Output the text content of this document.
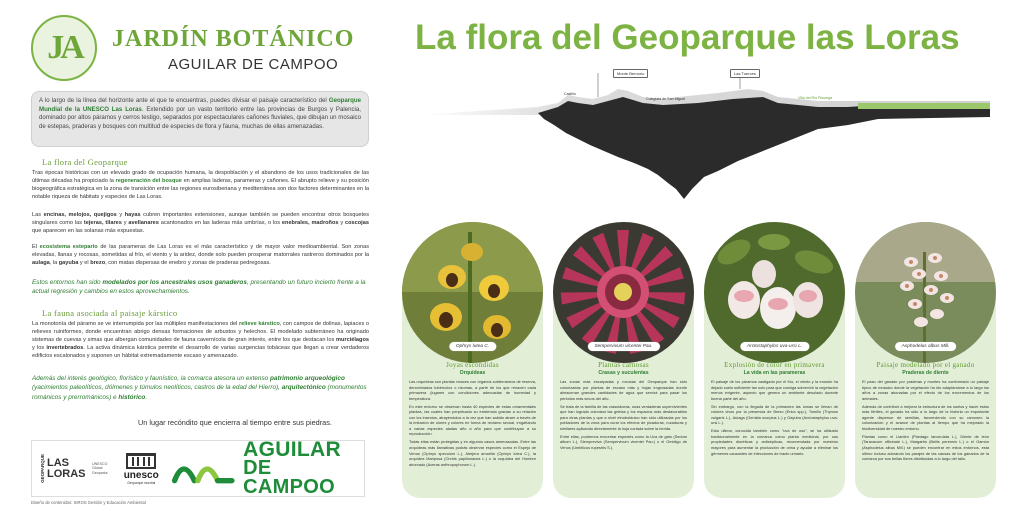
JA JARDÍN BOTÁNICO
AGUILAR DE CAMPOO
La flora del Geoparque las Loras
A lo largo de la línea del horizonte ante el que te encuentras, puedes divisar el paisaje característico del Geoparque Mundial de la UNESCO Las Loras. Extendido por un vasto territorio entre las provincias de Burgos y Palencia, dominado por altos páramos y cerros testigo, separados por espectaculares cañones fluviales, que dibujan un mosaico de estepas, praderas y bosques con multitud de especies de flora y fauna, muchas de ellas amenazadas.
La flora del Geoparque
Tras épocas históricas con un elevado grado de ocupación humana, la despoblación y el abandono de los usos tradicionales de las últimas décadas ha propiciado la regeneración del bosque en amplias laderas, parameras y cañones. El abrupto relieve y su posición biogeográfica estratégica en la zona de transición entre las regiones eurosiberiana y mediterránea son dos factores determinantes en la notable riqueza de hábitats y especies de Las Loras.
Las encinas, melojos, quejigos y hayas cubren importantes extensiones, aunque también se pueden encontrar otros bosquetes singulares como las tejeras, tilares y avellanares acantonados en las laderas más umbrías, o los enebrales, madroños y coscojas que aparecen en las solanas más expuestas.
El ecosistema estepario de las parameras de Las Loras es el más característico y de mayor valor medioambiental. Son zonas elevadas, llanas y rocosas, sometidas al frío, el viento y la aridez, donde solo pueden prosperar matorrales rastreros dominados por la aulaga, la gayuba y el brezo, con matas dispersas de enebro y zonas de praderas pedregosas.
Estos entornos han sido modelados por los ancestrales usos ganaderos, presentando un futuro incierto frente a la actual regresión y cambios en estos aprovechamientos.
La fauna asociada al paisaje kárstico
La monotonía del páramo se ve interrumpida por las múltiples manifestaciones del relieve kárstico, con campos de dolinas, lapiaces o relieves ruiniformes, donde encuentran abrigo densas formaciones de arbustos y helechos. El modelado subterráneo ha originado sistemas de cuevas y simas que albergan comunidades de fauna cavernícola de gran interés, entre los que destacan los murciélagos y los invertebrados. La activa dinámica kárstica permite el desarrollo de varias surgencias tobáceas que llegan a crear verdaderos edificios escalonados y suponen un hábitat extremadamente escaso y amenazado.
Además del interés geológico, florístico y faunístico, la comarca atesora un extenso patrimonio arqueológico (yacimientos paleolíticos, dólmenes y túmulos neolíticos, castros de la edad del Hierro), arquitectónico (monumentos románicos y prerrománicos) e histórico.
Un lugar recóndito que encierra al tiempo entre sus piedras.
GEOPARQUE LAS LORAS
UNESCO Global Geoparks	unesco
Geoparque mundial
AGUILAR
DE CAMPOO
Diseño de contenidos: SIROS Gestión y Educación Ambiental
Monte Bernorio	Las Tuerces
Castillo
Colegiata de San Miguel	Villa del Río Pisuerga
Ophrys lutea C.
Joyas escondidas
Orquídeas

Las orquídeas son plantas vivaces con órganos subterráneos de reserva, denominados tubérculos o rizomas, a partir de los que renacen cada primavera (lugares con condiciones adecuadas de humedad y temperatura.

En este entorno se observan hasta 40 especies de estas ornamentales plantas, las cuales han perpetuado su existencia gracias a su relación con los insectos, atrayéndolos a la vez que han sabido atraer a través de la imitación de olores y colores en forma de reclamo sexual, engañando a varias especies aladas año a año para que contribuyan a su reproducción.

Todas ellas están protegidas y en algunos casos amenazadas. Entre las orquídeas más llamativas podrás observar especies como el Espejo de Venus (Ophrys speculum L.), Abejera amarilla (Ophrys lutea C.), la orquídea Mariposa (Orchis papilionacea L.) o la orquídea del Hombre ahorcado (Aceras anthropophorum L.).

Sempervivum vicentei Pau.
Plantas carnosas
Crasas y suculentas

Las zonas más escarpadas y rocosas del Geoparque han sido colonizadas por plantas de escaso más y hojas engrosadas donde almacenan grandes cantidades de agua que servirá para pasar los periodos más secos del año.

Se trata de la familia de las crasuláceas, unas verdaderas supervivientes que han logrado colonizar las grietas y los espacios más desfavorables para otras plantas y que a nivel etnobotánico han sido utilizadas por los pobladores de la zona para curar los efectos de picaduras, rozaduras y similares aplicando directamente la hoja cortada sobre la herida.

Entre ellas, podremos encontrar especies como la Uva de gato (Sedum album L.), Siempreviva (Sempervivum vicentei Pau.) o el Ombligo de Venus (Umbilicus rupestris S.).

Arctostaphylos uva-ursi L.
Explosión de color en primavera
La vida en las parameras

El paisaje de los páramos castigado por el frío, el viento y la erosión ha dejado suelo suficiente tan solo para que consiga sobrevivir la vegetación menos exigente, aspecto que genera un ambiente desolado durante buena parte del año.

Sin embargo, con la llegada de la primavera las lomas se llenan de colores vivos por la presencia de Brezo (Erica spp.), Tomillo (Thymus vulgaris L.), Aulaga (Genista scorpius L.) y Gayuba (Arctostaphylos uva-ursi L.).

Esta última, conocida también como "uva de oso", se ha utilizado tradicionalmente en la comarca como planta medicinal, por sus propiedades diuréticas y antisépticas, recomendada por nuestros mayores para aumentar la producción de orina y ayudar a eliminar los gérmenes causantes de infecciones de tracto urinario.

Asphodelus albus Mill.
Paisaje modelado por el ganado
Praderas de diente

El paso del ganado por praderas y montes ha conformado un paisaje típico de mosaico donde la vegetación ha ido adaptándose a lo largo los años a zonas abonadas por el efecto de los excrementos de los animales.

Además de contribuir a mejorar la estructura de los suelos y hacer estos más fértiles, el ganado ha sido a lo largo de la historia un importante agente dispersor de semillas, favoreciendo con su ramoneo la colonización y el avance de plantas al tiempo que ha mejorado la biodiversidad de nuestro entorno.

Plantas como el Llantén (Plantago lanceolata L.), Diente de león (Taraxacum officinale L.), Margarita (Bellis perennis L.) o el Gamón (Asphodelus albus Mill.) se pueden encontrar en estos entornos, esta último incluso adorando los parajes de las causas de los ganados de la comarca por sus bellas flores distribuidas a lo largo del tallo.
